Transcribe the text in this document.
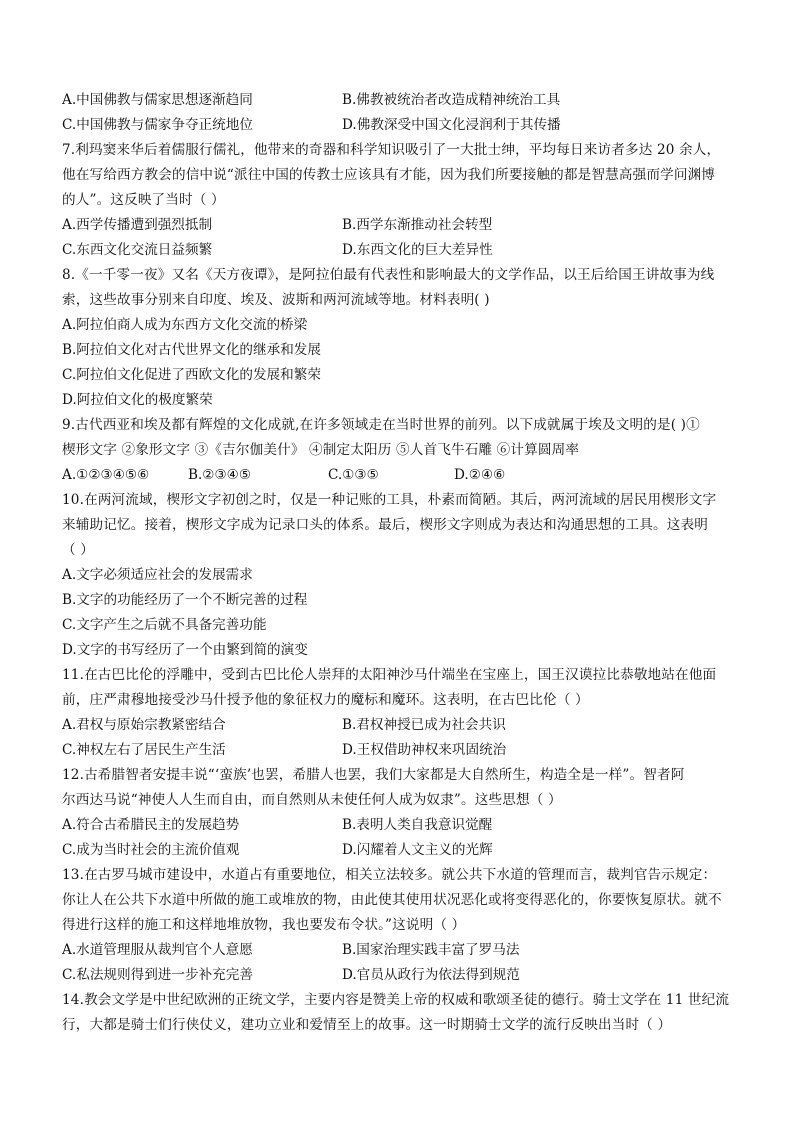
A.中国佛教与儒家思想逐渐趋同	B.佛教被统治者改造成精神统治工具
C.中国佛教与儒家争夺正统地位	D.佛教深受中国文化浸润利于其传播
7.利玛窦来华后着儒服行儒礼，他带来的奇器和科学知识吸引了一大批士绅，平均每日来访者多达 20 余人，
他在写给西方教会的信中说“派往中国的传教士应该具有才能，因为我们所要接触的都是智慧高强而学问渊博
的人”。这反映了当时（ ）
A.西学传播遭到强烈抵制	B.西学东渐推动社会转型
C.东西文化交流日益频繁	D.东西文化的巨大差异性
8.《一千零一夜》又名《天方夜谭》，是阿拉伯最有代表性和影响最大的文学作品，以王后给国王讲故事为线
索，这些故事分别来自印度、埃及、波斯和两河流域等地。材料表明( )
A.阿拉伯商人成为东西方文化交流的桥梁
B.阿拉伯文化对古代世界文化的继承和发展
C.阿拉伯文化促进了西欧文化的发展和繁荣
D.阿拉伯文化的极度繁荣
9.古代西亚和埃及都有辉煌的文化成就,在许多领域走在当时世界的前列。以下成就属于埃及文明的是( )①
楔形文字 ②象形文字 ③《吉尔伽美什》 ④制定太阳历 ⑤人首飞牛石雕 ⑥计算圆周率
A.①②③④⑤⑥	B.②③④⑤	C.①③⑤	D.②④⑥
10.在两河流域，楔形文字初创之时，仅是一种记账的工具，朴素而简陋。其后，两河流域的居民用楔形文字
来辅助记忆。接着，楔形文字成为记录口头的体系。最后，楔形文字则成为表达和沟通思想的工具。这表明
（ ）
A.文字必须适应社会的发展需求
B.文字的功能经历了一个不断完善的过程
C.文字产生之后就不具备完善功能
D.文字的书写经历了一个由繁到简的演变
11.在古巴比伦的浮雕中，受到古巴比伦人崇拜的太阳神沙马什端坐在宝座上，国王汉谟拉比恭敬地站在他面
前，庄严肃穆地接受沙马什授予他的象征权力的魔标和魔环。这表明，在古巴比伦（ ）
A.君权与原始宗教紧密结合	B.君权神授已成为社会共识
C.神权左右了居民生产生活	D.王权借助神权来巩固统治
12.古希腊智者安提丰说“‘蛮族’也罢，希腊人也罢，我们大家都是大自然所生，构造全是一样”。智者阿
尔西达马说“神使人人生而自由，而自然则从未使任何人成为奴隶”。这些思想（ ）
A.符合古希腊民主的发展趋势	B.表明人类自我意识觉醒
C.成为当时社会的主流价值观	D.闪耀着人文主义的光辉
13.在古罗马城市建设中，水道占有重要地位，相关立法较多。就公共下水道的管理而言，裁判官告示规定：
你让人在公共下水道中所做的施工或堆放的物，由此使其使用状况恶化或将变得恶化的，你要恢复原状。就不
得进行这样的施工和这样地堆放物，我也要发布令状。”这说明（ ）
A.水道管理服从裁判官个人意愿	B.国家治理实践丰富了罗马法
C.私法规则得到进一步补充完善	D.官员从政行为依法得到规范
14.教会文学是中世纪欧洲的正统文学，主要内容是赞美上帝的权威和歌颂圣徒的德行。骑士文学在 11 世纪流
行，大都是骑士们行侠仗义，建功立业和爱情至上的故事。这一时期骑士文学的流行反映出当时（ ）
